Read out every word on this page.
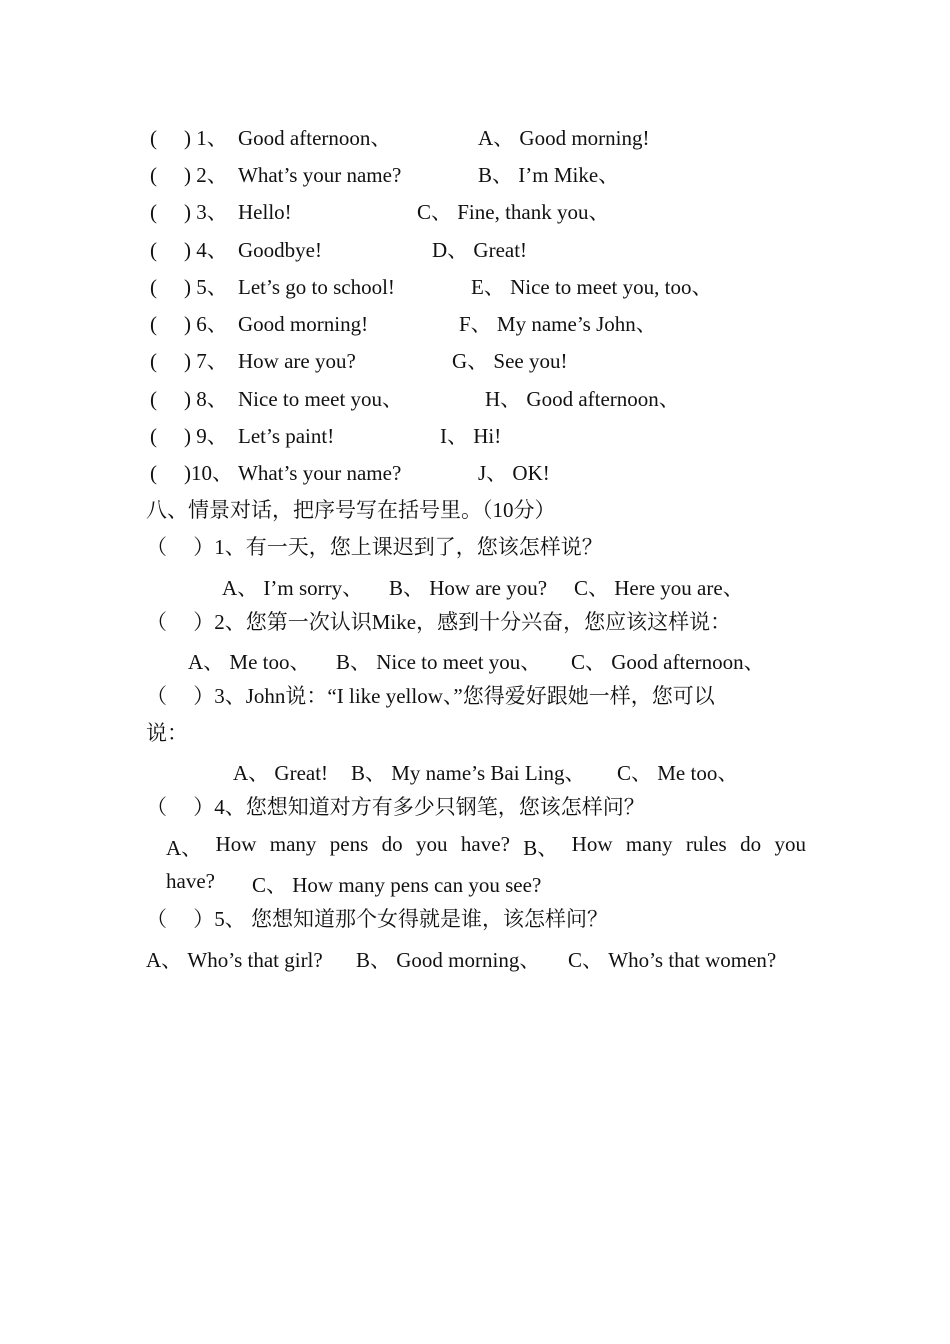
( ) 1、 Good afternoon、	A、 Good morning!
( ) 2、 What’s your name?	B、 I’m Mike、
( ) 3、 Hello!	C、 Fine, thank you、
( ) 4、 Goodbye!	D、 Great!
( ) 5、 Let’s go to school!	E、 Nice to meet you, too、
( ) 6、 Good morning!	F、 My name’s John、
( ) 7、 How are you?	G、 See you!
( ) 8、 Nice to meet you、	H、 Good afternoon、
( ) 9、 Let’s paint!	I、 Hi!
( )10、 What’s your name?	J、 OK!
八、情景对话，把序号写在括号里。（10分）
（　 ）1、有一天，您上课迟到了，您该怎样说？
A、 I’m sorry、 B、 How are you? C、 Here you are、
（　 ）2、您第一次认识Mike，感到十分兴奋，您应该这样说：
A、 Me too、 B、 Nice to meet you、 C、 Good afternoon、
（　 ）3、John说：“I like yellow、”您得爱好跟她一样，您可以
说：
A、 Great! B、 My name’s Bai Ling、 C、 Me too、
（　 ）4、您想知道对方有多少只钢笔，您该怎样问？
A、 How many pens do you have? B、 How many rules do you
have? C、 How many pens can you see?
（　 ）5、 您想知道那个女得就是谁，该怎样问？
A、 Who’s that girl? B、 Good morning、 C、 Who’s that women?
